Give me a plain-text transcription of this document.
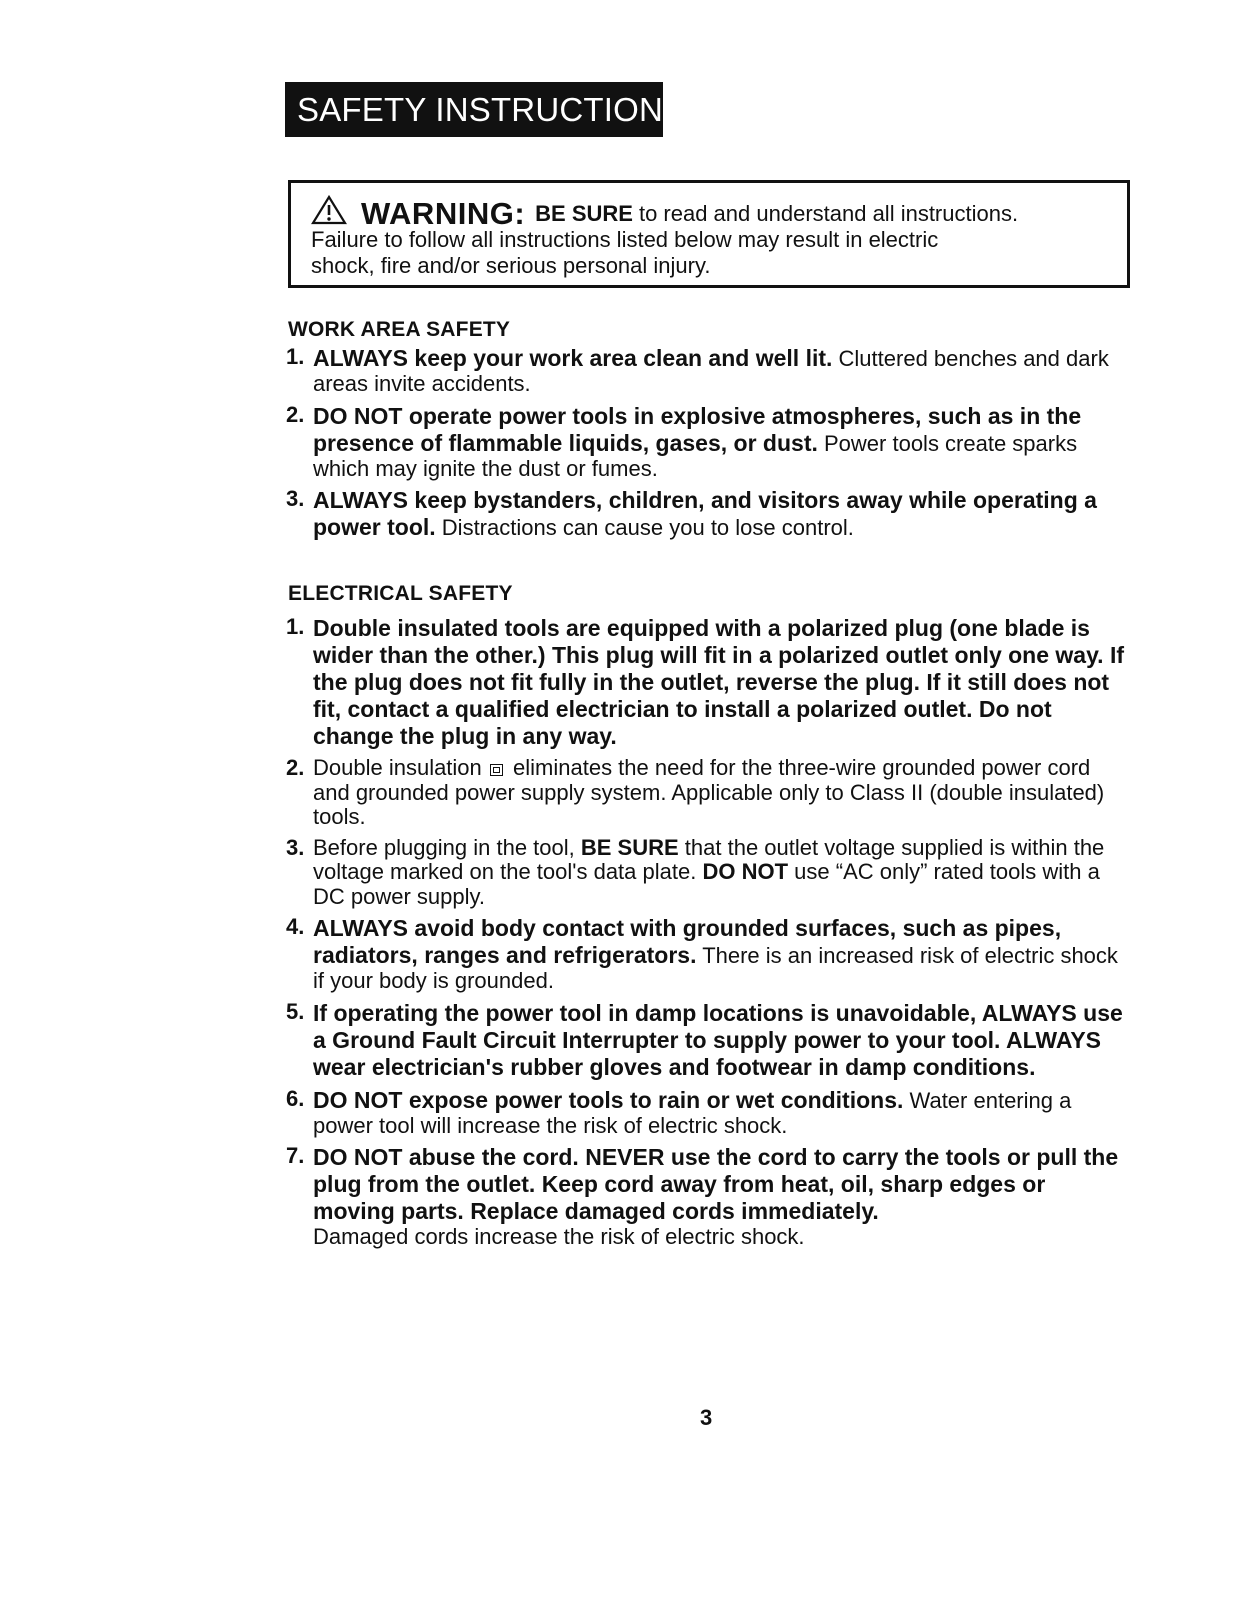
SAFETY INSTRUCTIONS
WARNING: BE SURE to read and understand all instructions.
Failure to follow all instructions listed below may result in electric
shock, fire and/or serious personal injury.
WORK AREA SAFETY
1. ALWAYS keep your work area clean and well lit. Cluttered benches and dark areas invite accidents.
2. DO NOT operate power tools in explosive atmospheres, such as in the presence of flammable liquids, gases, or dust. Power tools create sparks which may ignite the dust or fumes.
3. ALWAYS keep bystanders, children, and visitors away while operating a power tool. Distractions can cause you to lose control.
ELECTRICAL SAFETY
1. Double insulated tools are equipped with a polarized plug (one blade is wider than the other.) This plug will fit in a polarized outlet only one way. If the plug does not fit fully in the outlet, reverse the plug. If it still does not fit, contact a qualified electrician to install a polarized outlet. Do not change the plug in any way.
2. Double insulation eliminates the need for the three-wire grounded power cord and grounded power supply system. Applicable only to Class II (double insulated) tools.
3. Before plugging in the tool, BE SURE that the outlet voltage supplied is within the voltage marked on the tool's data plate. DO NOT use “AC only” rated tools with a DC power supply.
4. ALWAYS avoid body contact with grounded surfaces, such as pipes, radiators, ranges and refrigerators. There is an increased risk of electric shock if your body is grounded.
5. If operating the power tool in damp locations is unavoidable, ALWAYS use a Ground Fault Circuit Interrupter to supply power to your tool. ALWAYS wear electrician's rubber gloves and footwear in damp conditions.
6. DO NOT expose power tools to rain or wet conditions. Water entering a power tool will increase the risk of electric shock.
7. DO NOT abuse the cord. NEVER use the cord to carry the tools or pull the plug from the outlet. Keep cord away from heat, oil, sharp edges or moving parts. Replace damaged cords immediately.
Damaged cords increase the risk of electric shock.
3
